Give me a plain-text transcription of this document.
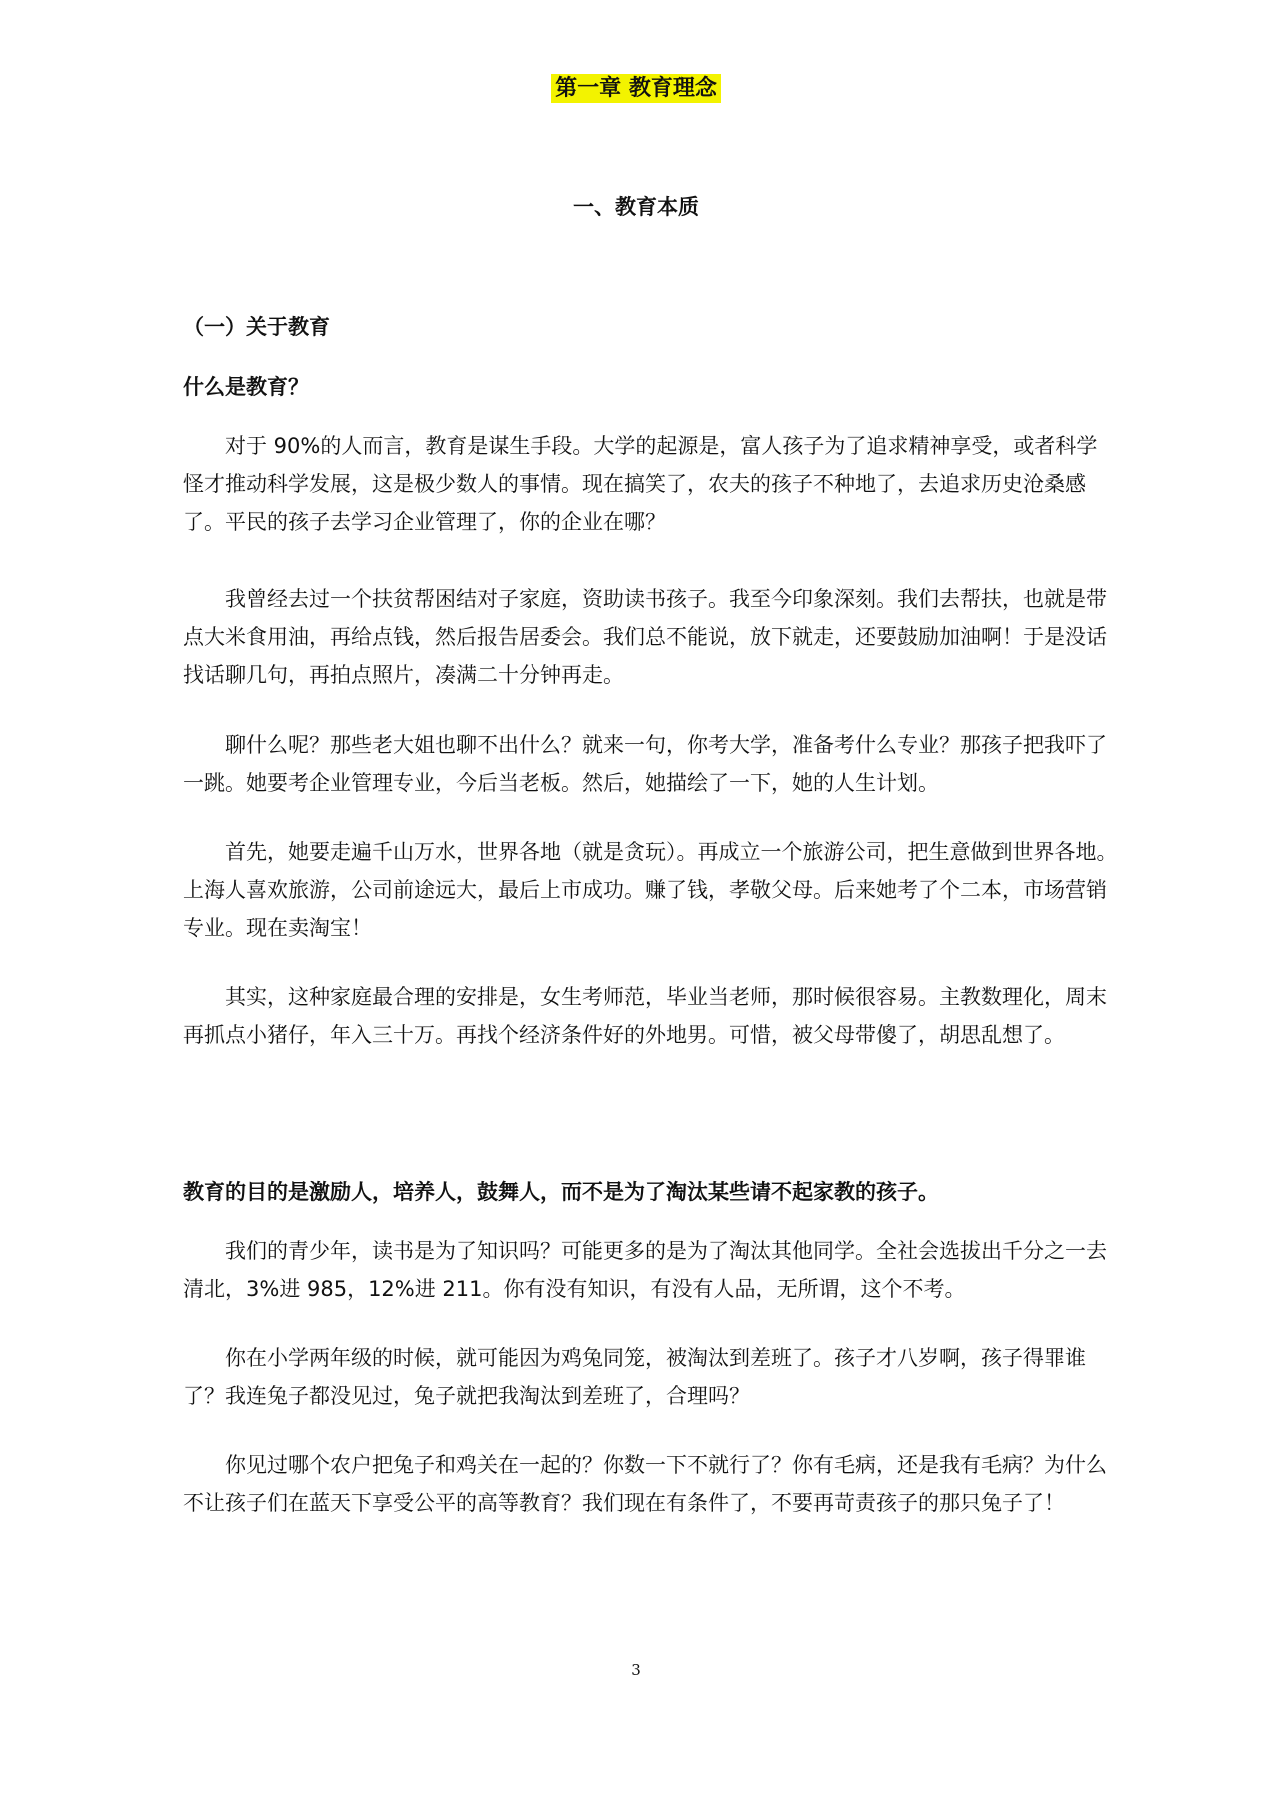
第一章 教育理念
一、教育本质
（一）关于教育
什么是教育？
对于 90%的人而言，教育是谋生手段。大学的起源是，富人孩子为了追求精神享受，或者科学怪才推动科学发展，这是极少数人的事情。现在搞笑了，农夫的孩子不种地了，去追求历史沧桑感了。平民的孩子去学习企业管理了，你的企业在哪？
我曾经去过一个扶贫帮困结对子家庭，资助读书孩子。我至今印象深刻。我们去帮扶，也就是带点大米食用油，再给点钱，然后报告居委会。我们总不能说，放下就走，还要鼓励加油啊！于是没话找话聊几句，再拍点照片，凑满二十分钟再走。
聊什么呢？那些老大姐也聊不出什么？就来一句，你考大学，准备考什么专业？那孩子把我吓了一跳。她要考企业管理专业，今后当老板。然后，她描绘了一下，她的人生计划。
首先，她要走遍千山万水，世界各地（就是贪玩）。再成立一个旅游公司，把生意做到世界各地。上海人喜欢旅游，公司前途远大，最后上市成功。赚了钱，孝敬父母。后来她考了个二本，市场营销专业。现在卖淘宝！
其实，这种家庭最合理的安排是，女生考师范，毕业当老师，那时候很容易。主教数理化，周末再抓点小猪仔，年入三十万。再找个经济条件好的外地男。可惜，被父母带傻了，胡思乱想了。
教育的目的是激励人，培养人，鼓舞人，而不是为了淘汰某些请不起家教的孩子。
我们的青少年，读书是为了知识吗？可能更多的是为了淘汰其他同学。全社会选拔出千分之一去清北，3%进 985，12%进 211。你有没有知识，有没有人品，无所谓，这个不考。
你在小学两年级的时候，就可能因为鸡兔同笼，被淘汰到差班了。孩子才八岁啊，孩子得罪谁了？我连兔子都没见过，兔子就把我淘汰到差班了，合理吗？
你见过哪个农户把兔子和鸡关在一起的？你数一下不就行了？你有毛病，还是我有毛病？为什么不让孩子们在蓝天下享受公平的高等教育？我们现在有条件了，不要再苛责孩子的那只兔子了！
3
